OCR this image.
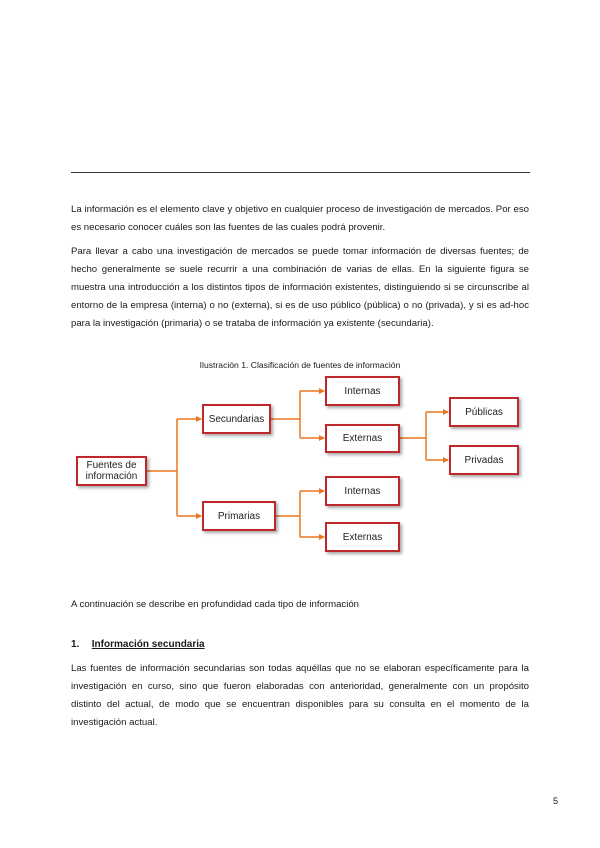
La información es el elemento clave y objetivo en cualquier proceso de investigación de mercados. Por eso es necesario conocer cuáles son las fuentes de las cuales podrá provenir.

Para llevar a cabo una investigación de mercados se puede tomar información de diversas fuentes; de hecho generalmente se suele recurrir a una combinación de varias de ellas. En la siguiente figura se muestra una introducción a los distintos tipos de información existentes, distinguiendo si se circunscribe al entorno de la empresa (interna) o no (externa), si es de uso público (pública) o no (privada), y si es ad-hoc para la investigación (primaria) o se trataba de información ya existente (secundaria).

Ilustración 1. Clasificación de fuentes de información
Fuentes de información
Secundarias
Primarias
Internas
Externas
Públicas
Privadas
Internas
Externas
A continuación se describe en profundidad cada tipo de información
1. Información secundaria

Las fuentes de información secundarias son todas aquéllas que no se elaboran específicamente para la investigación en curso, sino que fueron elaboradas con anterioridad, generalmente con un propósito distinto del actual, de modo que se encuentran disponibles para su consulta en el momento de la investigación actual.

5
